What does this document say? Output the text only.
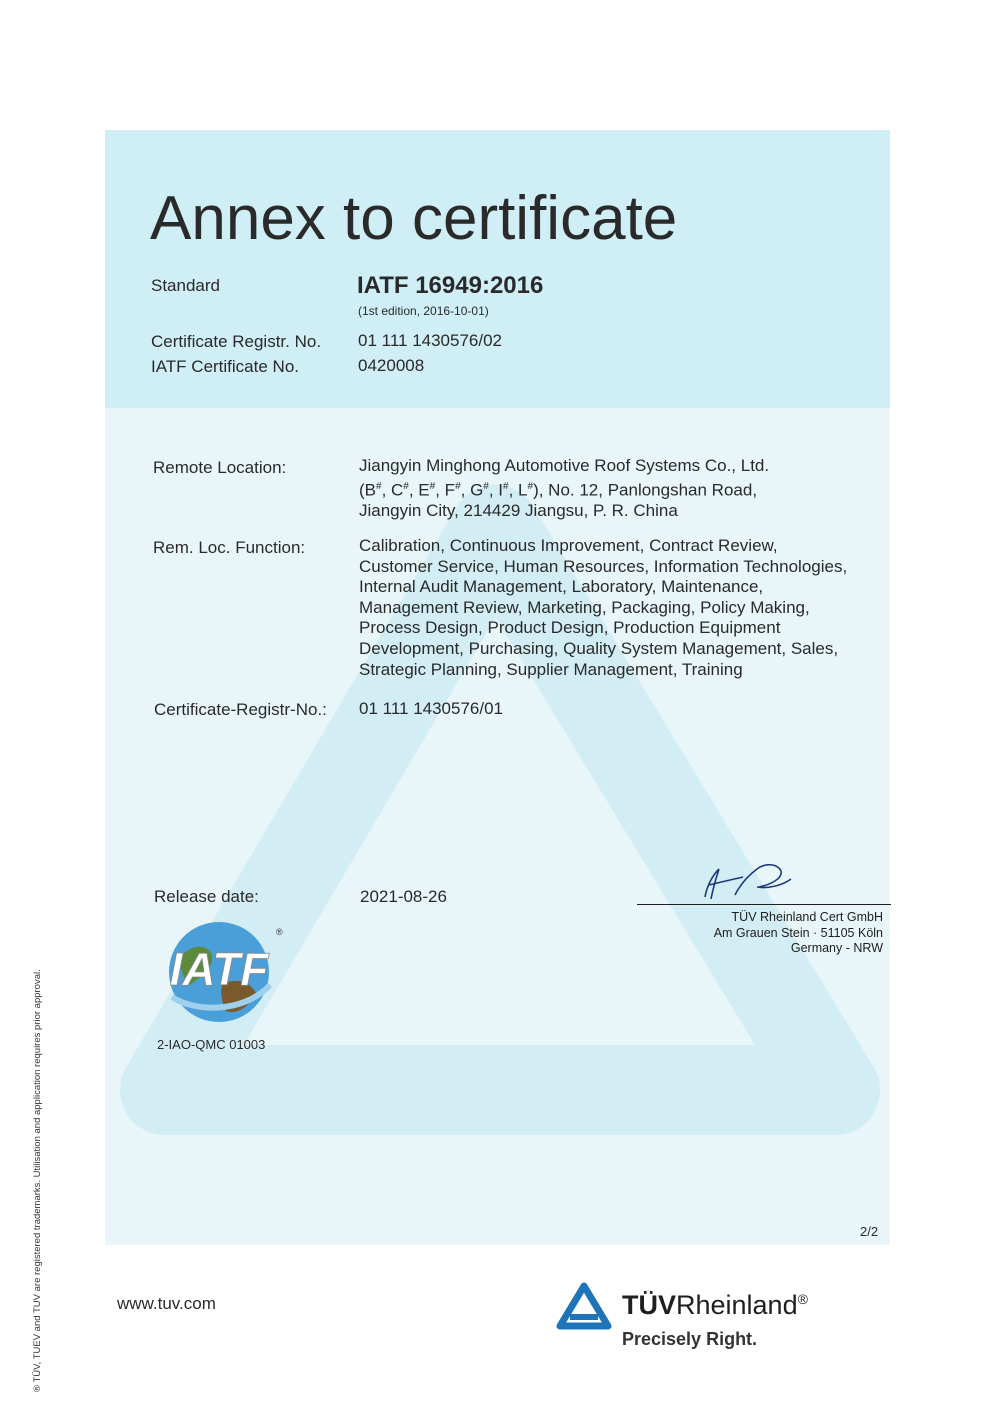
Annex to certificate
Standard	IATF 16949:2016
(1st edition, 2016-10-01)
Certificate Registr. No. 01 111 1430576/02
IATF Certificate No.	0420008
Remote Location:	Jiangyin Minghong Automotive Roof Systems Co., Ltd.
(B#, C#, E#, F#, G#, I#, L#), No. 12, Panlongshan Road,
Jiangyin City, 214429 Jiangsu, P. R. China
Rem. Loc. Function:	Calibration, Continuous Improvement, Contract Review,
Customer Service, Human Resources, Information Technologies,
Internal Audit Management, Laboratory, Maintenance,
Management Review, Marketing, Packaging, Policy Making,
Process Design, Product Design, Production Equipment
Development, Purchasing, Quality System Management, Sales,
Strategic Planning, Supplier Management, Training
Certificate-Registr-No.: 01 111 1430576/01
Release date:	2021-08-26
TÜV Rheinland Cert GmbH
Am Grauen Stein · 51105 Köln
Germany - NRW
IATF
®
2-IAO-QMC 01003
2/2
www.tuv.com	TÜVRheinland®
Precisely Right.
® TÜV, TUEV and TUV are registered trademarks. Utilisation and application requires prior approval.
